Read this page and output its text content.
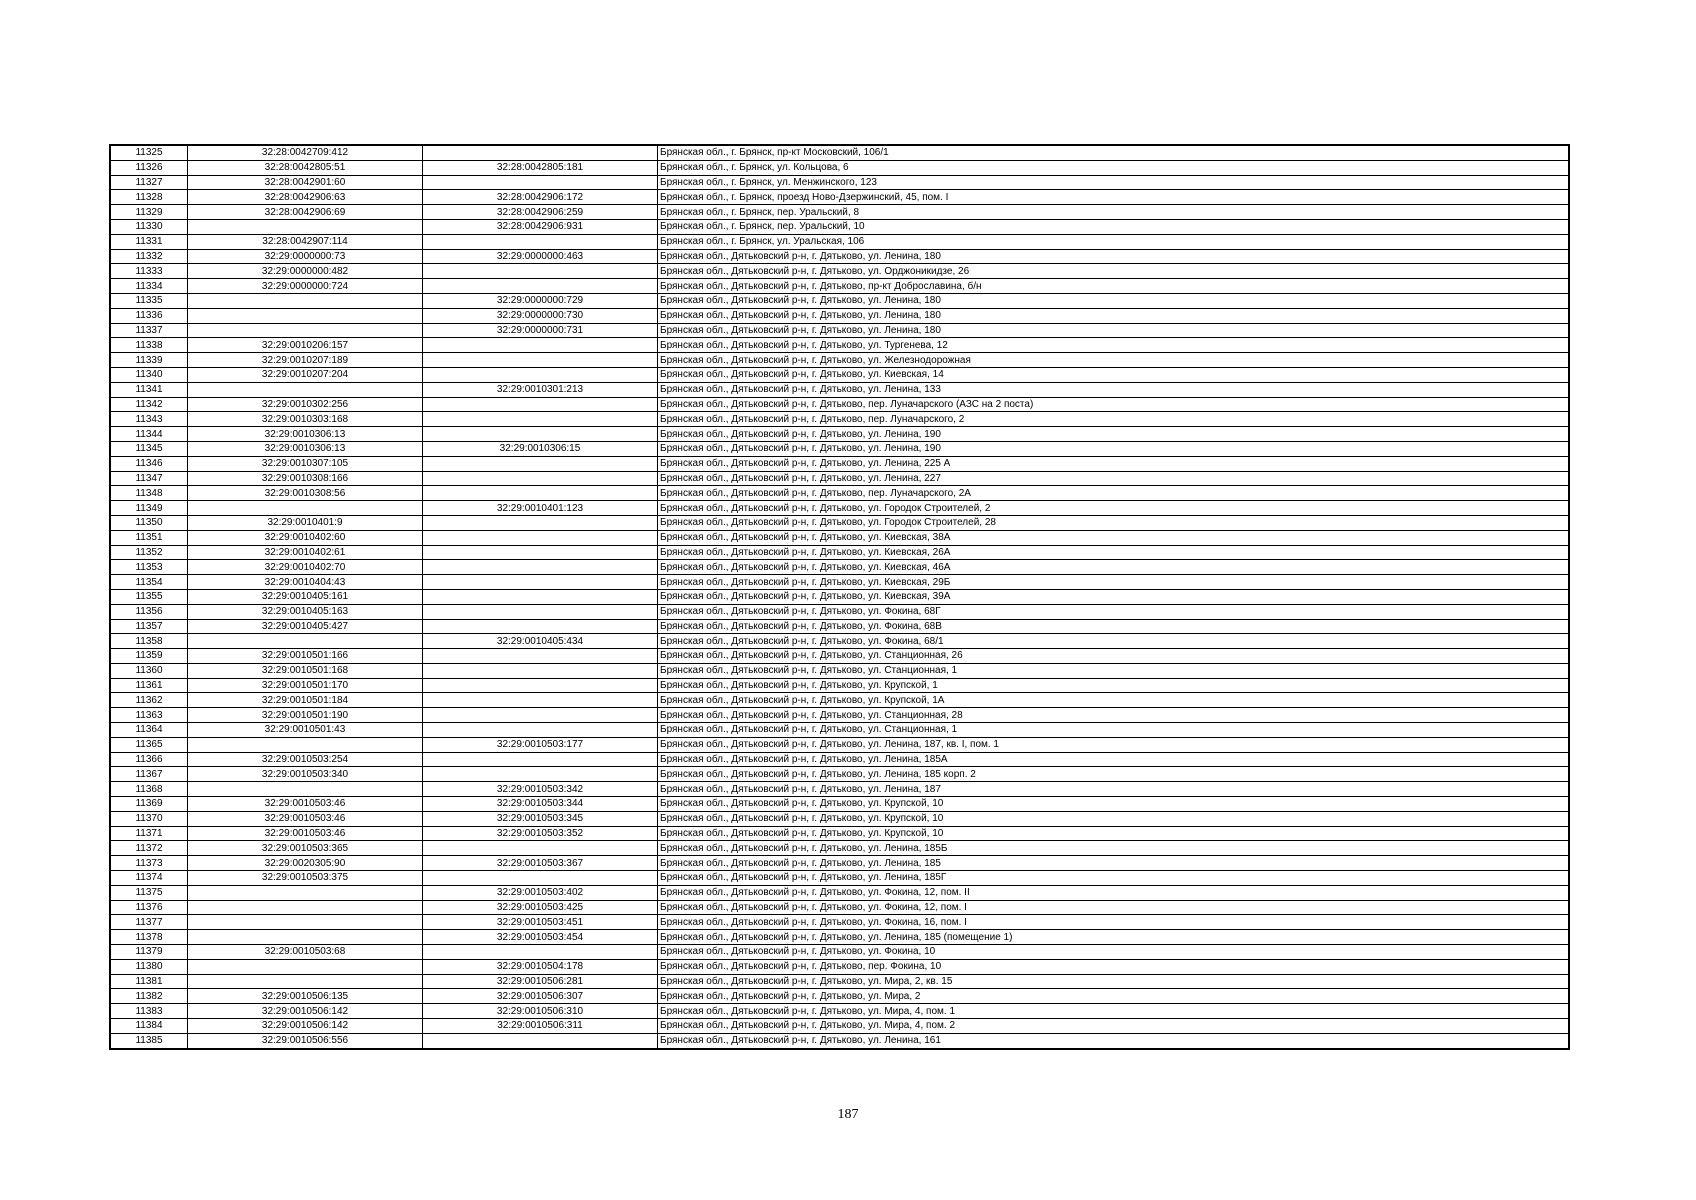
11325	32:28:0042709:412		Брянская обл., г. Брянск, пр-кт Московский, 106/1
11326	32:28:0042805:51	32:28:0042805:181	Брянская обл., г. Брянск, ул. Кольцова, 6
11327	32:28:0042901:60		Брянская обл., г. Брянск, ул. Менжинского, 123
11328	32:28:0042906:63	32:28:0042906:172	Брянская обл., г. Брянск, проезд Ново-Дзержинский, 45, пом. I
11329	32:28:0042906:69	32:28:0042906:259	Брянская обл., г. Брянск, пер. Уральский, 8
11330		32:28:0042906:931	Брянская обл., г. Брянск, пер. Уральский, 10
11331	32:28:0042907:114		Брянская обл., г. Брянск, ул. Уральская, 106
11332	32:29:0000000:73	32:29:0000000:463	Брянская обл., Дятьковский р-н, г. Дятьково, ул. Ленина, 180
11333	32:29:0000000:482		Брянская обл., Дятьковский р-н, г. Дятьково, ул. Орджоникидзе, 26
11334	32:29:0000000:724		Брянская обл., Дятьковский р-н, г. Дятьково, пр-кт Доброславина, б/н
11335		32:29:0000000:729	Брянская обл., Дятьковский р-н, г. Дятьково, ул. Ленина, 180
11336		32:29:0000000:730	Брянская обл., Дятьковский р-н, г. Дятьково, ул. Ленина, 180
11337		32:29:0000000:731	Брянская обл., Дятьковский р-н, г. Дятьково, ул. Ленина, 180
11338	32:29:0010206:157		Брянская обл., Дятьковский р-н, г. Дятьково, ул. Тургенева, 12
11339	32:29:0010207:189		Брянская обл., Дятьковский р-н, г. Дятьково, ул. Железнодорожная
11340	32:29:0010207:204		Брянская обл., Дятьковский р-н, г. Дятьково, ул. Киевская, 14
11341		32:29:0010301:213	Брянская обл., Дятьковский р-н, г. Дятьково, ул. Ленина, 133
11342	32:29:0010302:256		Брянская обл., Дятьковский р-н, г. Дятьково, пер. Луначарского (АЗС на 2 поста)
11343	32:29:0010303:168		Брянская обл., Дятьковский р-н, г. Дятьково, пер. Луначарского, 2
11344	32:29:0010306:13		Брянская обл., Дятьковский р-н, г. Дятьково, ул. Ленина, 190
11345	32:29:0010306:13	32:29:0010306:15	Брянская обл., Дятьковский р-н, г. Дятьково, ул. Ленина, 190
11346	32:29:0010307:105		Брянская обл., Дятьковский р-н, г. Дятьково, ул. Ленина, 225 А
11347	32:29:0010308:166		Брянская обл., Дятьковский р-н, г. Дятьково, ул. Ленина, 227
11348	32:29:0010308:56		Брянская обл., Дятьковский р-н, г. Дятьково, пер. Луначарского, 2А
11349		32:29:0010401:123	Брянская обл., Дятьковский р-н, г. Дятьково, ул. Городок Строителей, 2
11350	32:29:0010401:9		Брянская обл., Дятьковский р-н, г. Дятьково, ул. Городок Строителей, 28
11351	32:29:0010402:60		Брянская обл., Дятьковский р-н, г. Дятьково, ул. Киевская, 38А
11352	32:29:0010402:61		Брянская обл., Дятьковский р-н, г. Дятьково, ул. Киевская, 26А
11353	32:29:0010402:70		Брянская обл., Дятьковский р-н, г. Дятьково, ул. Киевская, 46А
11354	32:29:0010404:43		Брянская обл., Дятьковский р-н, г. Дятьково, ул. Киевская, 29Б
11355	32:29:0010405:161		Брянская обл., Дятьковский р-н, г. Дятьково, ул. Киевская, 39А
11356	32:29:0010405:163		Брянская обл., Дятьковский р-н, г. Дятьково, ул. Фокина, 68Г
11357	32:29:0010405:427		Брянская обл., Дятьковский р-н, г. Дятьково, ул. Фокина, 68В
11358		32:29:0010405:434	Брянская обл., Дятьковский р-н, г. Дятьково, ул. Фокина, 68/1
11359	32:29:0010501:166		Брянская обл., Дятьковский р-н, г. Дятьково, ул. Станционная, 26
11360	32:29:0010501:168		Брянская обл., Дятьковский р-н, г. Дятьково, ул. Станционная, 1
11361	32:29:0010501:170		Брянская обл., Дятьковский р-н, г. Дятьково, ул. Крупской, 1
11362	32:29:0010501:184		Брянская обл., Дятьковский р-н, г. Дятьково, ул. Крупской, 1А
11363	32:29:0010501:190		Брянская обл., Дятьковский р-н, г. Дятьково, ул. Станционная, 28
11364	32:29:0010501:43		Брянская обл., Дятьковский р-н, г. Дятьково, ул. Станционная, 1
11365		32:29:0010503:177	Брянская обл., Дятьковский р-н, г. Дятьково, ул. Ленина, 187, кв. I, пом. 1
11366	32:29:0010503:254		Брянская обл., Дятьковский р-н, г. Дятьково, ул. Ленина, 185А
11367	32:29:0010503:340		Брянская обл., Дятьковский р-н, г. Дятьково, ул. Ленина, 185 корп. 2
11368		32:29:0010503:342	Брянская обл., Дятьковский р-н, г. Дятьково, ул. Ленина, 187
11369	32:29:0010503:46	32:29:0010503:344	Брянская обл., Дятьковский р-н, г. Дятьково, ул. Крупской, 10
11370	32:29:0010503:46	32:29:0010503:345	Брянская обл., Дятьковский р-н, г. Дятьково, ул. Крупской, 10
11371	32:29:0010503:46	32:29:0010503:352	Брянская обл., Дятьковский р-н, г. Дятьково, ул. Крупской, 10
11372	32:29:0010503:365		Брянская обл., Дятьковский р-н, г. Дятьково, ул. Ленина, 185Б
11373	32:29:0020305:90	32:29:0010503:367	Брянская обл., Дятьковский р-н, г. Дятьково, ул. Ленина, 185
11374	32:29:0010503:375		Брянская обл., Дятьковский р-н, г. Дятьково, ул. Ленина, 185Г
11375		32:29:0010503:402	Брянская обл., Дятьковский р-н, г. Дятьково, ул. Фокина, 12, пом. II
11376		32:29:0010503:425	Брянская обл., Дятьковский р-н, г. Дятьково, ул. Фокина, 12, пом. I
11377		32:29:0010503:451	Брянская обл., Дятьковский р-н, г. Дятьково, ул. Фокина, 16, пом. I
11378		32:29:0010503:454	Брянская обл., Дятьковский р-н, г. Дятьково, ул. Ленина, 185 (помещение 1)
11379	32:29:0010503:68		Брянская обл., Дятьковский р-н, г. Дятьково, ул. Фокина, 10
11380		32:29:0010504:178	Брянская обл., Дятьковский р-н, г. Дятьково, пер. Фокина, 10
11381		32:29:0010506:281	Брянская обл., Дятьковский р-н, г. Дятьково, ул. Мира, 2, кв. 15
11382	32:29:0010506:135	32:29:0010506:307	Брянская обл., Дятьковский р-н, г. Дятьково, ул. Мира, 2
11383	32:29:0010506:142	32:29:0010506:310	Брянская обл., Дятьковский р-н, г. Дятьково, ул. Мира, 4, пом. 1
11384	32:29:0010506:142	32:29:0010506:311	Брянская обл., Дятьковский р-н, г. Дятьково, ул. Мира, 4, пом. 2
11385	32:29:0010506:556		Брянская обл., Дятьковский р-н, г. Дятьково, ул. Ленина, 161
187
